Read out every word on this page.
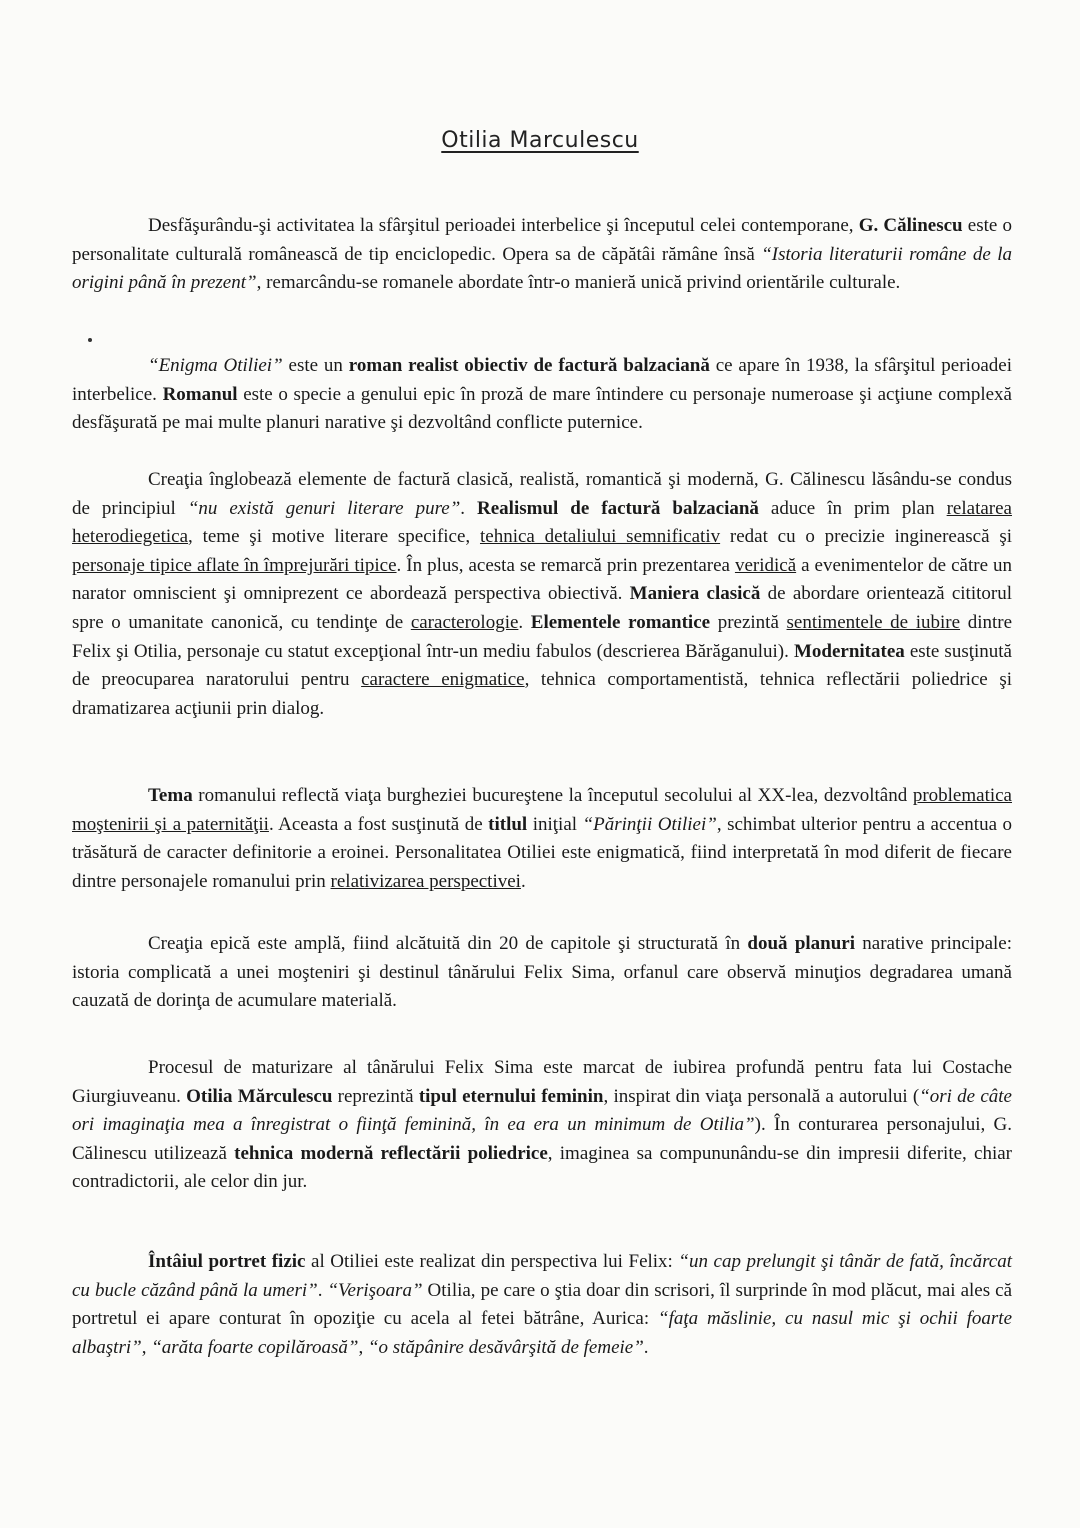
Otilia Marculescu

Desfăşurându-şi activitatea la sfârşitul perioadei interbelice şi începutul celei contemporane, G. Călinescu este o personalitate culturală românească de tip enciclopedic. Opera sa de căpătâi rămâne însă “Istoria literaturii române de la origini până în prezent”, remarcându-se romanele abordate într-o manieră unică privind orientările culturale.

“Enigma Otiliei” este un roman realist obiectiv de factură balzaciană ce apare în 1938, la sfârşitul perioadei interbelice. Romanul este o specie a genului epic în proză de mare întindere cu personaje numeroase şi acţiune complexă desfăşurată pe mai multe planuri narative şi dezvoltând conflicte puternice.

Creaţia înglobează elemente de factură clasică, realistă, romantică şi modernă, G. Călinescu lăsându-se condus de principiul “nu există genuri literare pure”. Realismul de factură balzaciană aduce în prim plan relatarea heterodiegetica, teme şi motive literare specifice, tehnica detaliului semnificativ redat cu o precizie inginerească şi personaje tipice aflate în împrejurări tipice. În plus, acesta se remarcă prin prezentarea veridică a evenimentelor de către un narator omniscient şi omniprezent ce abordează perspectiva obiectivă. Maniera clasică de abordare orientează cititorul spre o umanitate canonică, cu tendinţe de caracterologie. Elementele romantice prezintă sentimentele de iubire dintre Felix şi Otilia, personaje cu statut excepţional într-un mediu fabulos (descrierea Bărăganului). Modernitatea este susţinută de preocuparea naratorului pentru caractere enigmatice, tehnica comportamentistă, tehnica reflectării poliedrice şi dramatizarea acţiunii prin dialog.

Tema romanului reflectă viaţa burgheziei bucureştene la începutul secolului al XX-lea, dezvoltând problematica moştenirii şi a paternităţii. Aceasta a fost susţinută de titlul iniţial “Părinţii Otiliei”, schimbat ulterior pentru a accentua o trăsătură de caracter definitorie a eroinei. Personalitatea Otiliei este enigmatică, fiind interpretată în mod diferit de fiecare dintre personajele romanului prin relativizarea perspectivei.

Creaţia epică este amplă, fiind alcătuită din 20 de capitole şi structurată în două planuri narative principale: istoria complicată a unei moşteniri şi destinul tânărului Felix Sima, orfanul care observă minuţios degradarea umană cauzată de dorinţa de acumulare materială.

Procesul de maturizare al tânărului Felix Sima este marcat de iubirea profundă pentru fata lui Costache Giurgiuveanu. Otilia Mărculescu reprezintă tipul eternului feminin, inspirat din viaţa personală a autorului (“ori de câte ori imaginaţia mea a înregistrat o fiinţă feminină, în ea era un minimum de Otilia”). În conturarea personajului, G. Călinescu utilizează tehnica modernă reflectării poliedrice, imaginea sa compununându-se din impresii diferite, chiar contradictorii, ale celor din jur.

Întâiul portret fizic al Otiliei este realizat din perspectiva lui Felix: “un cap prelungit şi tânăr de fată, încărcat cu bucle căzând până la umeri”. “Verişoara” Otilia, pe care o ştia doar din scrisori, îl surprinde în mod plăcut, mai ales că portretul ei apare conturat în opoziţie cu acela al fetei bătrâne, Aurica: “faţa măslinie, cu nasul mic şi ochii foarte albaştri”, “arăta foarte copilăroasă”, “o stăpânire desăvârşită de femeie”.
